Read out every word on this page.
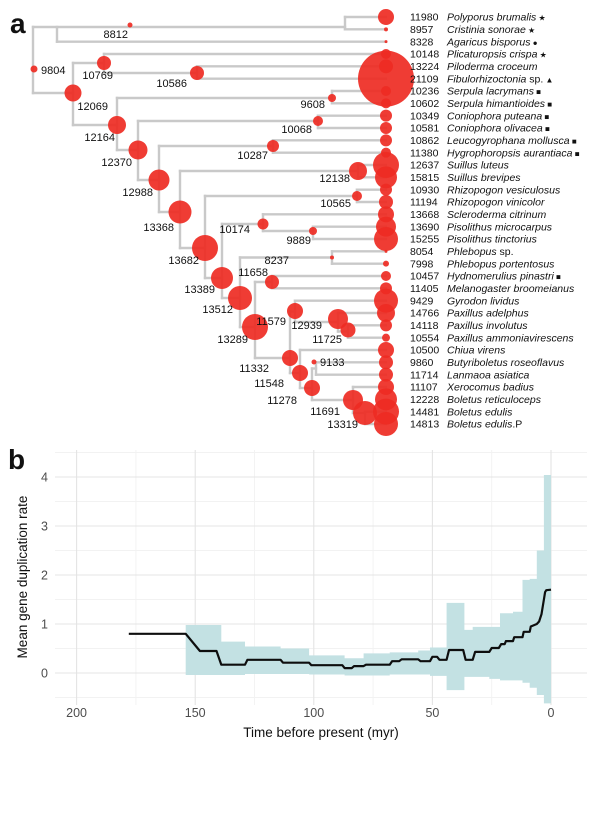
8812
9804
12069
10769
10586
12164
9608
10068
12370
10287
12988
12138
13368
10565
13682
10174
9889
13389
8237
13512
11658
13289
11579 12939
11725
11332
11548
9133
11278
11691
13319
11980 Polyporus brumalis ★
8957 Cristinia sonorae ★
8328 Agaricus bisporus ●
10148 Plicaturopsis crispa ★
13224 Piloderma croceum
21109 Fibulorhizoctonia sp. ▲
10236 Serpula lacrymans ■
10602 Serpula himantioides ■
10349 Coniophora puteana ■
10581 Coniophora olivacea ■
10862 Leucogyrophana mollusca ■
11380 Hygrophoropsis aurantiaca ■
12637 Suillus luteus
15815 Suillus brevipes
10930 Rhizopogon vesiculosus
11194 Rhizopogon vinicolor
13668 Scleroderma citrinum
13690 Pisolithus microcarpus
15255 Pisolithus tinctorius
8054 Phlebopus sp.
7998 Phlebopus portentosus
10457 Hydnomerulius pinastri ■
11405 Melanogaster broomeianus
9429 Gyrodon lividus
14766 Paxillus adelphus
14118 Paxillus involutus
10554 Paxillus ammoniavirescens
10500 Chiua virens
9860 Butyriboletus roseoflavus
11714 Lanmaoa asiatica
11107 Xerocomus badius
12228 Boletus reticuloceps
14481 Boletus edulis
14813 Boletus edulis.P
4
3
2
1
0
200	150	100	50	0
Time before present (myr)
Mean gene duplication rate
a
b
